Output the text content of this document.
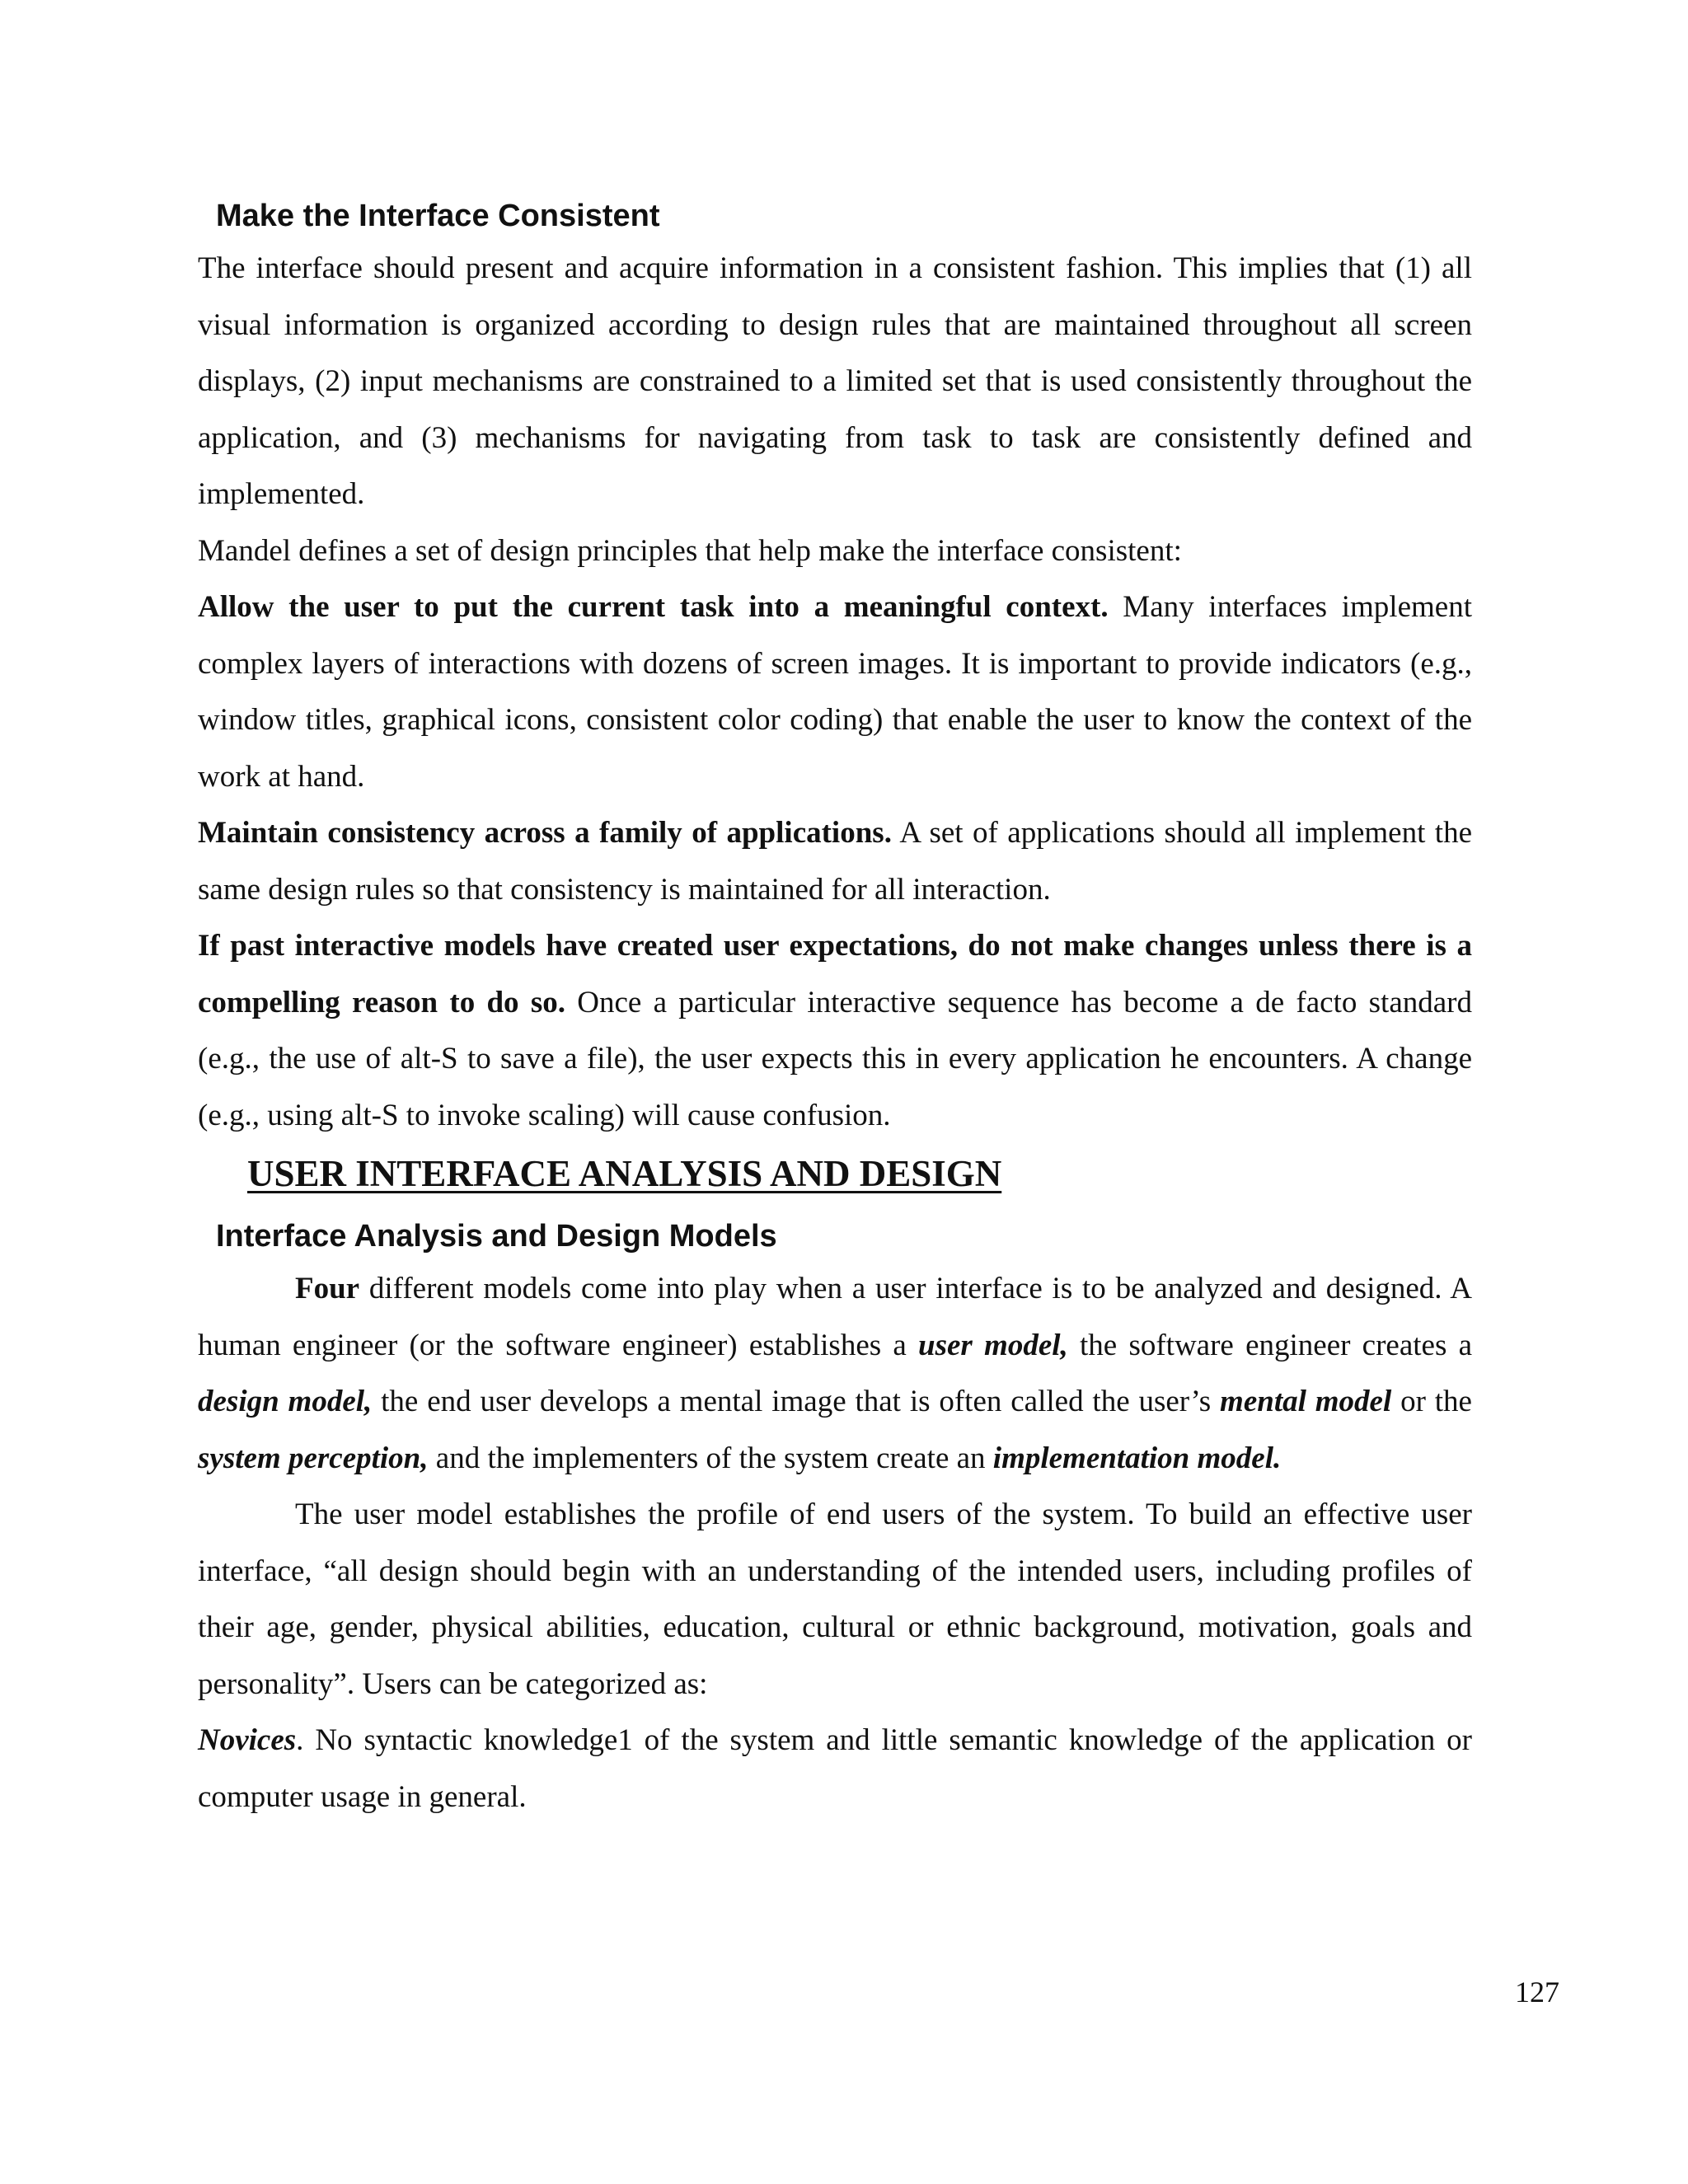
Make the Interface Consistent

The interface should present and acquire information in a consistent fashion. This implies that (1) all visual information is organized according to design rules that are maintained throughout all screen displays, (2) input mechanisms are constrained to a limited set that is used consistently throughout the application, and (3) mechanisms for navigating from task to task are consistently defined and implemented.

Mandel defines a set of design principles that help make the interface consistent:

Allow the user to put the current task into a meaningful context. Many interfaces implement complex layers of interactions with dozens of screen images. It is important to provide indicators (e.g., window titles, graphical icons, consistent color coding) that enable the user to know the context of the work at hand.

Maintain consistency across a family of applications. A set of applications should all implement the same design rules so that consistency is maintained for all interaction.

If past interactive models have created user expectations, do not make changes unless there is a compelling reason to do so. Once a particular interactive sequence has become a de facto standard (e.g., the use of alt-S to save a file), the user expects this in every application he encounters. A change (e.g., using alt-S to invoke scaling) will cause confusion.

USER INTERFACE ANALYSIS AND DESIGN
Interface Analysis and Design Models

Four different models come into play when a user interface is to be analyzed and designed. A human engineer (or the software engineer) establishes a user model, the software engineer creates a design model, the end user develops a mental image that is often called the user’s mental model or the system perception, and the implementers of the system create an implementation model.

The user model establishes the profile of end users of the system. To build an effective user interface, “all design should begin with an understanding of the intended users, including profiles of their age, gender, physical abilities, education, cultural or ethnic background, motivation, goals and personality”. Users can be categorized as:

Novices. No syntactic knowledge1 of the system and little semantic knowledge of the application or computer usage in general.

127
